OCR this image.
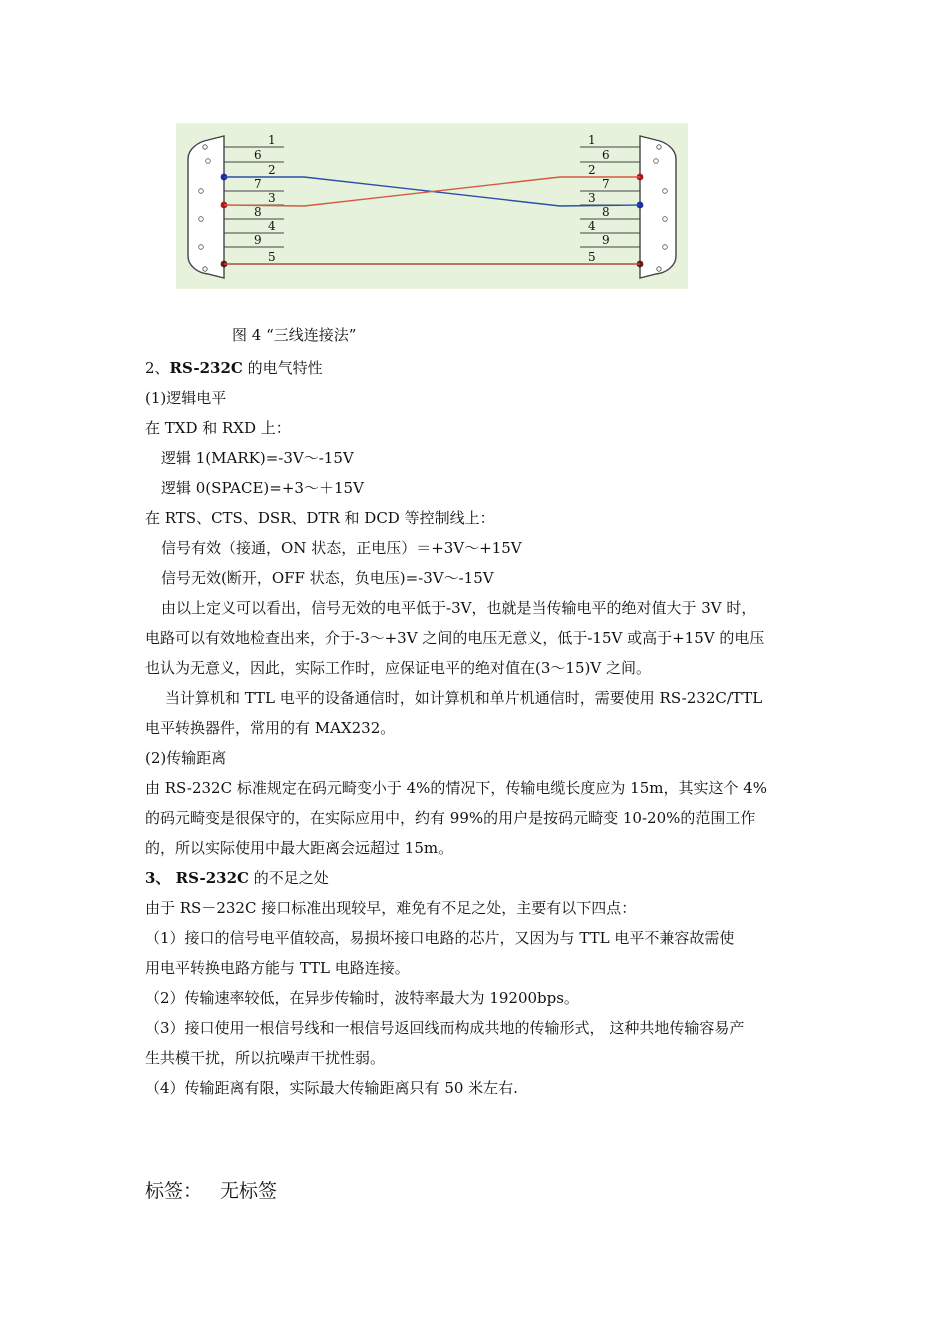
1
6
2
7
3
8
4
9
5
1
6
2
7
3
8
4
9
5
图 4 “三线连接法”
2、RS-232C 的电气特性
(1)逻辑电平
在 TXD 和 RXD 上：
逻辑 1(MARK)=-3V～-15V
逻辑 0(SPACE)=+3～＋15V
在 RTS、CTS、DSR、DTR 和 DCD 等控制线上：
信号有效（接通，ON 状态，正电压）＝+3V～+15V
信号无效(断开，OFF 状态，负电压)=-3V～-15V
由以上定义可以看出，信号无效的电平低于-3V，也就是当传输电平的绝对值大于 3V 时，
电路可以有效地检查出来，介于-3～+3V 之间的电压无意义，低于-15V 或高于+15V 的电压
也认为无意义，因此，实际工作时，应保证电平的绝对值在(3～15)V 之间。
当计算机和 TTL 电平的设备通信时，如计算机和单片机通信时，需要使用 RS-232C/TTL
电平转换器件，常用的有 MAX232。
(2)传输距离
由 RS-232C 标准规定在码元畸变小于 4%的情况下，传输电缆长度应为 15m，其实这个 4%
的码元畸变是很保守的，在实际应用中，约有 99%的用户是按码元畸变 10-20%的范围工作
的，所以实际使用中最大距离会远超过 15m。
3、 RS-232C 的不足之处
由于 RS－232C 接口标准出现较早，难免有不足之处，主要有以下四点：
（1）接口的信号电平值较高，易损坏接口电路的芯片，又因为与 TTL 电平不兼容故需使
用电平转换电路方能与 TTL 电路连接。
（2）传输速率较低，在异步传输时，波特率最大为 19200bps。
（3）接口使用一根信号线和一根信号返回线而构成共地的传输形式， 这种共地传输容易产
生共模干扰，所以抗噪声干扰性弱。
（4）传输距离有限，实际最大传输距离只有 50 米左右.
标签： 无标签
